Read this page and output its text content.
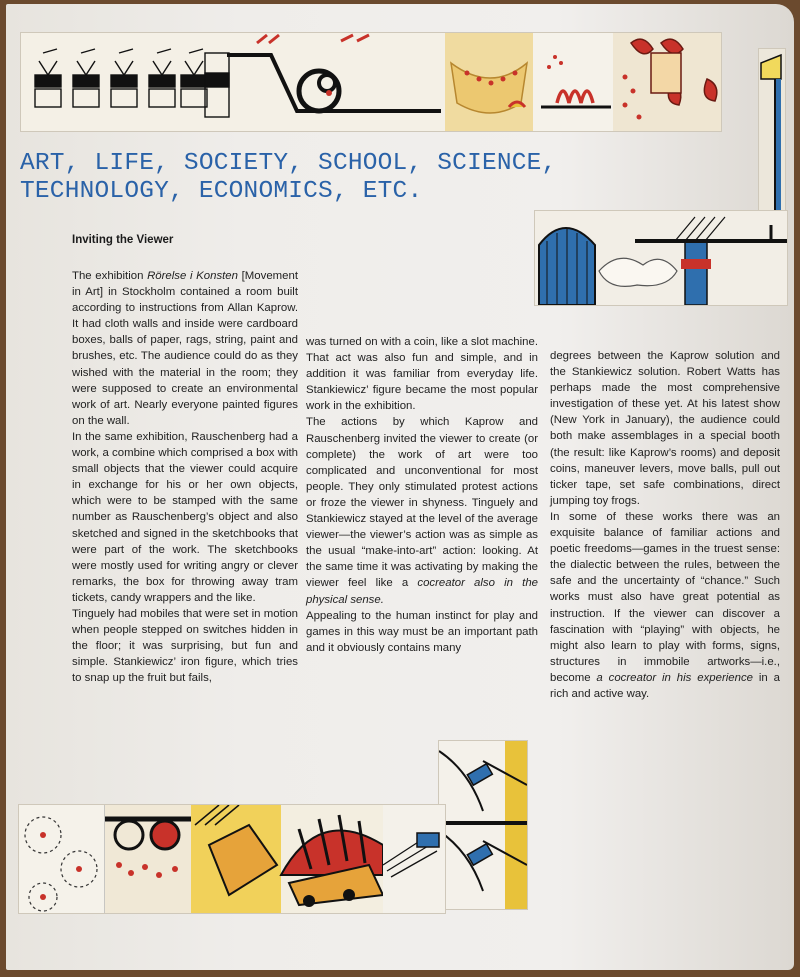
ART, LIFE, SOCIETY, SCHOOL, SCIENCE, TECHNOLOGY, ECONOMICS, ETC.
Inviting the Viewer

The exhibition Rörelse i Konsten [Movement in Art] in Stockholm contained a room built according to instructions from Allan Kaprow. It had cloth walls and inside were cardboard boxes, balls of paper, rags, string, paint and brushes, etc. The audience could do as they wished with the material in the room; they were supposed to create an environmental work of art. Nearly everyone painted figures on the wall.

In the same exhibition, Rauschenberg had a work, a combine which comprised a box with small objects that the viewer could acquire in exchange for his or her own objects, which were to be stamped with the same number as Rauschenberg’s object and also sketched and signed in the sketchbooks that were part of the work. The sketchbooks were mostly used for writing angry or clever remarks, the box for throwing away tram tickets, candy wrappers and the like.

Tinguely had mobiles that were set in motion when people stepped on switches hidden in the floor; it was surprising, but fun and simple. Stankiewicz’ iron figure, which tries to snap up the fruit but fails,

was turned on with a coin, like a slot machine. That act was also fun and simple, and in addition it was familiar from everyday life. Stankiewicz’ figure became the most popular work in the exhibition.

The actions by which Kaprow and Rauschenberg invited the viewer to create (or complete) the work of art were too complicated and unconventional for most people. They only stimulated protest actions or froze the viewer in shyness. Tinguely and Stankiewicz stayed at the level of the average viewer—the viewer’s action was as simple as the usual “make-into-art” action: looking. At the same time it was activating by making the viewer feel like a cocreator also in the physical sense.

Appealing to the human instinct for play and games in this way must be an important path and it obviously contains many

degrees between the Kaprow solution and the Stankiewicz solution. Robert Watts has perhaps made the most comprehensive investigation of these yet. At his latest show (New York in January), the audience could both make assemblages in a special booth (the result: like Kaprow’s rooms) and deposit coins, maneuver levers, move balls, pull out ticker tape, set safe combinations, direct jumping toy frogs.

In some of these works there was an exquisite balance of familiar actions and poetic freedoms—games in the truest sense: the dialectic between the rules, between the safe and the uncertainty of “chance.” Such works must also have great potential as instruction. If the viewer can discover a fascination with “playing” with objects, he might also learn to play with forms, signs, structures in immobile artworks—i.e., become a cocreator in his experience in a rich and active way.
